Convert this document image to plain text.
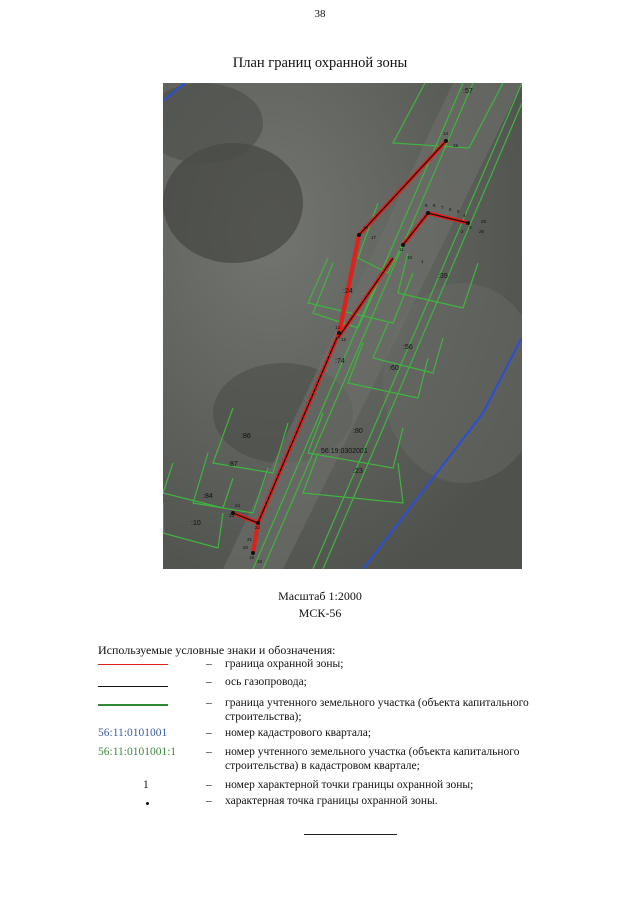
38
План границ охранной зоны
:57
:24
:39
:56
:60
:74
:86
:80
:87
:23
:84
:10
56:19:0302001
14
15
16
17
13
12
11
10
9 8 7 6 5
4
3
2
1
26
25
24
23
22
21
20
19
18
Масштаб 1:2000
МСК-56
Используемые условные знаки и обозначения:
– граница охранной зоны;
– ось газопровода;
– граница учтенного земельного участка (объекта капитального строительства);
56:11:0101001	– номер кадастрового квартала;
56:11:0101001:1	– номер учтенного земельного участка (объекта капитального строительства) в кадастровом квартале;
1	– номер характерной точки границы охранной зоны;
– характерная точка границы охранной зоны.
